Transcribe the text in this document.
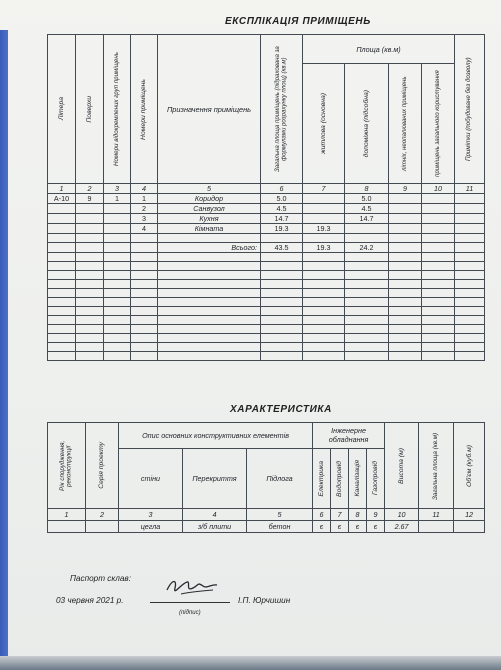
ЕКСПЛІКАЦІЯ ПРИМІЩЕНЬ
Літера	Поверхи	Номери відокремлених груп приміщень	Номери приміщень	Призначення приміщень	Загальна площа приміщень (підрахована за формулами розрахунку площ) (кв.м)	Площа (кв.м)				Примітки (побудоване без дозволу)

						житлова (основна)	допоміжна (підсобна)	літніх, неопалюваних приміщень	приміщень загального користування	

1	2	3	4	5	6	7	8	9	10	11
А-10	9	1	1	Коридор	5.0		5.0			
			2	Санвузол	4.5		4.5			
			3	Кухня	14.7		14.7			
			4	Кімната	19.3	19.3				

				Всього:	43.5	19.3	24.2			

ХАРАКТЕРИСТИКА
Рік спорудження, реконструкції	Серія проекту	Опис основних конструктивних елементів			Інженерне обладнання				Висота (м)	Загальна площа (кв.м)	Об'єм (куб.м)

		стіни	Перекриття	Підлога	Електрика	Водопровід	Каналізація	Газопровід			

1	2	3	4	5	6	7	8	9	10	11	12
		цегла	з/б плити	бетон	є	є	є	є	2.67		
Паспорт склав:
03 червня 2021 р.	І.П. Юрчишин
(підпис)
